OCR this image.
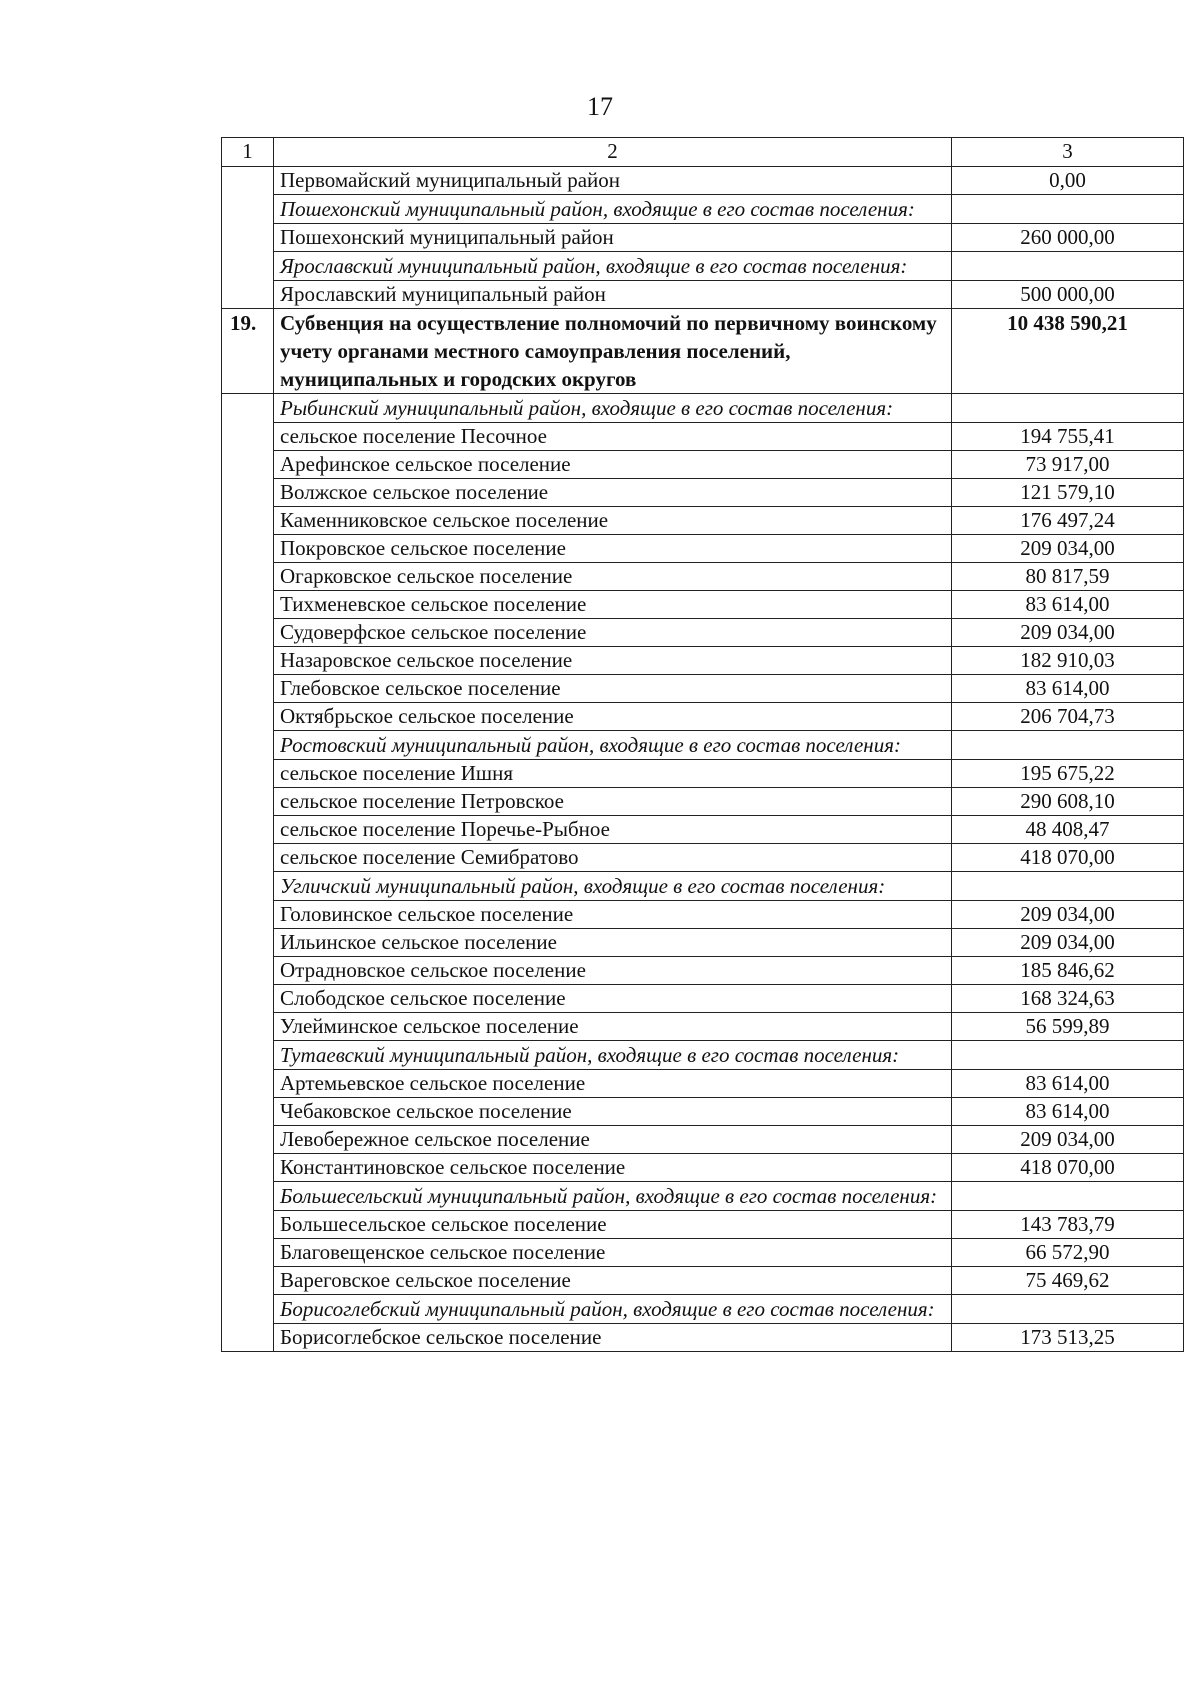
17
1	2	3
	Первомайский муниципальный район	0,00
	Пошехонский муниципальный район, входящие в его состав поселения:	
	Пошехонский муниципальный район	260 000,00
	Ярославский муниципальный район, входящие в его состав поселения:	
	Ярославский муниципальный район	500 000,00
19.	Субвенция на осуществление полномочий по первичному воинскому учету органами местного самоуправления поселений, муниципальных и городских округов	10 438 590,21
	Рыбинский муниципальный район, входящие в его состав поселения:	
	сельское поселение Песочное	194 755,41
	Арефинское сельское поселение	73 917,00
	Волжское сельское поселение	121 579,10
	Каменниковское сельское поселение	176 497,24
	Покровское сельское поселение	209 034,00
	Огарковское сельское поселение	80 817,59
	Тихменевское сельское поселение	83 614,00
	Судоверфское сельское поселение	209 034,00
	Назаровское сельское поселение	182 910,03
	Глебовское сельское поселение	83 614,00
	Октябрьское сельское поселение	206 704,73
	Ростовский муниципальный район, входящие в его состав поселения:	
	сельское поселение Ишня	195 675,22
	сельское поселение Петровское	290 608,10
	сельское поселение Поречье-Рыбное	48 408,47
	сельское поселение Семибратово	418 070,00
	Угличский муниципальный район, входящие в его состав поселения:	
	Головинское сельское поселение	209 034,00
	Ильинское сельское поселение	209 034,00
	Отрадновское сельское поселение	185 846,62
	Слободское сельское поселение	168 324,63
	Улейминское сельское поселение	56 599,89
	Тутаевский муниципальный район, входящие в его состав поселения:	
	Артемьевское сельское поселение	83 614,00
	Чебаковское сельское поселение	83 614,00
	Левобережное сельское поселение	209 034,00
	Константиновское сельское поселение	418 070,00
	Большесельский муниципальный район, входящие в его состав поселения:	
	Большесельское сельское поселение	143 783,79
	Благовещенское сельское поселение	66 572,90
	Вареговское сельское поселение	75 469,62
	Борисоглебский муниципальный район, входящие в его состав поселения:	
	Борисоглебское сельское поселение	173 513,25
